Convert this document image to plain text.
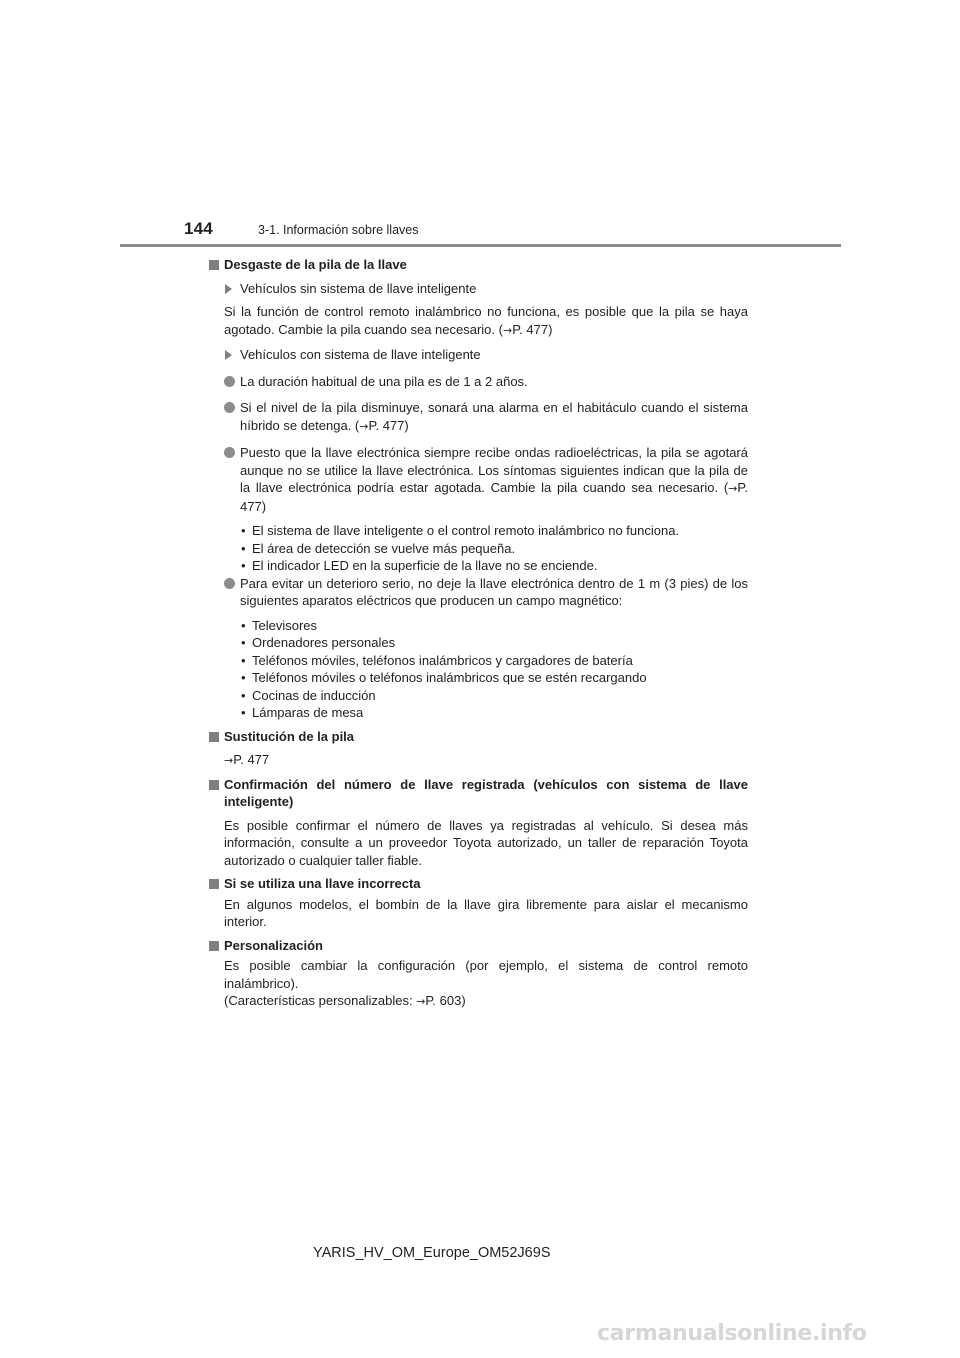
144	3-1. Información sobre llaves
Desgaste de la pila de la llave
Vehículos sin sistema de llave inteligente
Si la función de control remoto inalámbrico no funciona, es posible que la pila se haya agotado. Cambie la pila cuando sea necesario. (→P. 477)
Vehículos con sistema de llave inteligente
La duración habitual de una pila es de 1 a 2 años.
Si el nivel de la pila disminuye, sonará una alarma en el habitáculo cuando el sistema híbrido se detenga. (→P. 477)
Puesto que la llave electrónica siempre recibe ondas radioeléctricas, la pila se agotará aunque no se utilice la llave electrónica. Los síntomas siguientes indican que la pila de la llave electrónica podría estar agotada. Cambie la pila cuando sea necesario. (→P. 477)
• El sistema de llave inteligente o el control remoto inalámbrico no funciona.
• El área de detección se vuelve más pequeña.
• El indicador LED en la superficie de la llave no se enciende.
Para evitar un deterioro serio, no deje la llave electrónica dentro de 1 m (3 pies) de los siguientes aparatos eléctricos que producen un campo magnético:
• Televisores
• Ordenadores personales
• Teléfonos móviles, teléfonos inalámbricos y cargadores de batería
• Teléfonos móviles o teléfonos inalámbricos que se estén recargando
• Cocinas de inducción
• Lámparas de mesa
Sustitución de la pila
→P. 477
Confirmación del número de llave registrada (vehículos con sistema de llave inteligente)
Es posible confirmar el número de llaves ya registradas al vehículo. Si desea más información, consulte a un proveedor Toyota autorizado, un taller de reparación Toyota autorizado o cualquier taller fiable.
Si se utiliza una llave incorrecta
En algunos modelos, el bombín de la llave gira libremente para aislar el mecanismo interior.
Personalización
Es posible cambiar la configuración (por ejemplo, el sistema de control remoto inalámbrico).
(Características personalizables: →P. 603)
YARIS_HV_OM_Europe_OM52J69S
carmanualsonline.info
